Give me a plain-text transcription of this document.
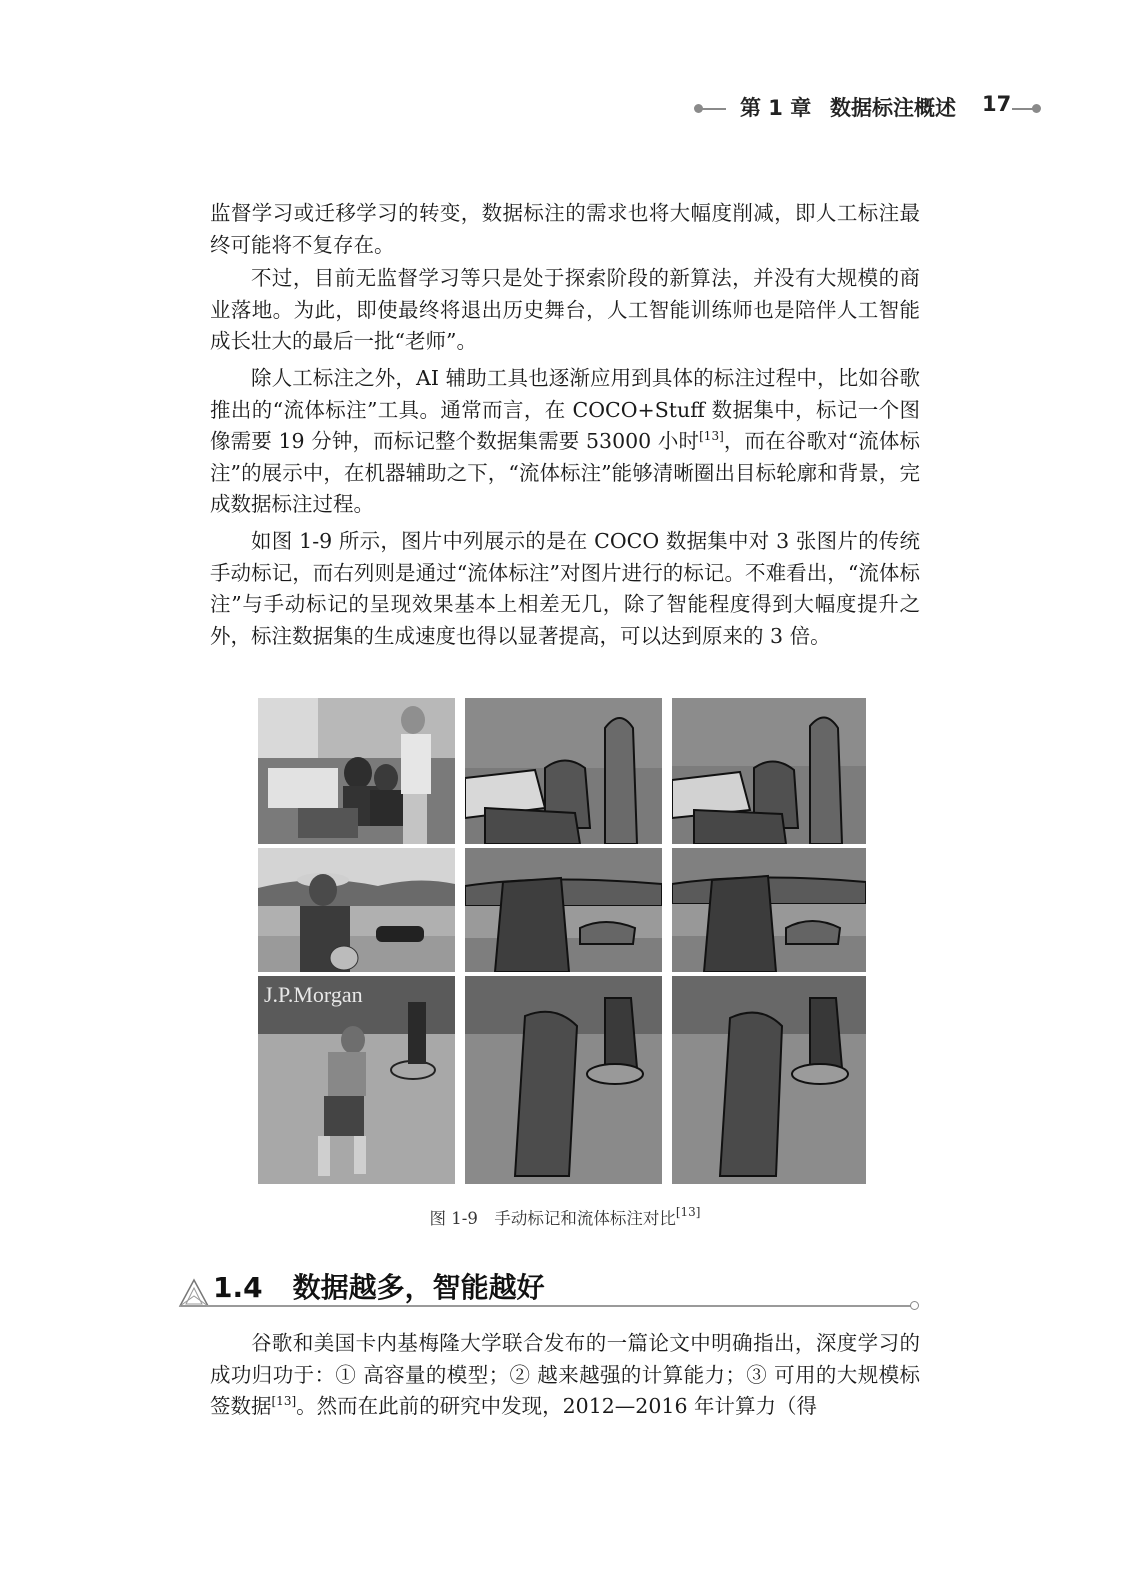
第 1 章 数据标注概述 17

监督学习或迁移学习的转变，数据标注的需求也将大幅度削减，即人工标注最终可能将不复存在。

不过，目前无监督学习等只是处于探索阶段的新算法，并没有大规模的商业落地。为此，即使最终将退出历史舞台，人工智能训练师也是陪伴人工智能成长壮大的最后一批“老师”。

除人工标注之外，AI 辅助工具也逐渐应用到具体的标注过程中，比如谷歌推出的“流体标注”工具。通常而言，在 COCO+Stuff 数据集中，标记一个图像需要 19 分钟，而标记整个数据集需要 53000 小时[13]，而在谷歌对“流体标注”的展示中，在机器辅助之下，“流体标注”能够清晰圈出目标轮廓和背景，完成数据标注过程。

如图 1-9 所示，图片中列展示的是在 COCO 数据集中对 3 张图片的传统手动标记，而右列则是通过“流体标注”对图片进行的标记。不难看出，“流体标注”与手动标记的呈现效果基本上相差无几，除了智能程度得到大幅度提升之外，标注数据集的生成速度也得以显著提高，可以达到原来的 3 倍。

J.P.Morgan
图 1-9　手动标记和流体标注对比[13]
1.4 数据越多，智能越好

谷歌和美国卡内基梅隆大学联合发布的一篇论文中明确指出，深度学习的成功归功于：① 高容量的模型；② 越来越强的计算能力；③ 可用的大规模标签数据[13]。然而在此前的研究中发现，2012—2016 年计算力（得
